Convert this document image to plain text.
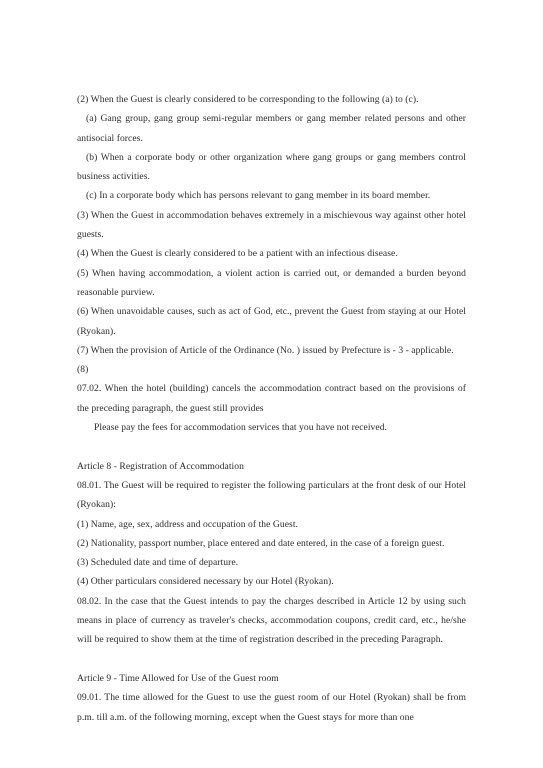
(2) When the Guest is clearly considered to be corresponding to the following (a) to (c).

(a) Gang group, gang group semi-regular members or gang member related persons and other antisocial forces.

(b) When a corporate body or other organization where gang groups or gang members control business activities.

(c) In a corporate body which has persons relevant to gang member in its board member.

(3) When the Guest in accommodation behaves extremely in a mischievous way against other hotel guests.

(4) When the Guest is clearly considered to be a patient with an infectious disease.

(5) When having accommodation, a violent action is carried out, or demanded a burden beyond reasonable purview.

(6) When unavoidable causes, such as act of God, etc., prevent the Guest from staying at our Hotel (Ryokan).

(7) When the provision of Article of the Ordinance (No. ) issued by Prefecture is - 3 - applicable.

(8)

07.02. When the hotel (building) cancels the accommodation contract based on the provisions of the preceding paragraph, the guest still provides

Please pay the fees for accommodation services that you have not received.

Article 8 - Registration of Accommodation

08.01. The Guest will be required to register the following particulars at the front desk of our Hotel (Ryokan):

(1) Name, age, sex, address and occupation of the Guest.

(2) Nationality, passport number, place entered and date entered, in the case of a foreign guest.

(3) Scheduled date and time of departure.

(4) Other particulars considered necessary by our Hotel (Ryokan).

08.02. In the case that the Guest intends to pay the charges described in Article 12 by using such means in place of currency as traveler's checks, accommodation coupons, credit card, etc., he/she will be required to show them at the time of registration described in the preceding Paragraph.

Article 9 - Time Allowed for Use of the Guest room

09.01. The time allowed for the Guest to use the guest room of our Hotel (Ryokan) shall be from p.m. till a.m. of the following morning, except when the Guest stays for more than one
